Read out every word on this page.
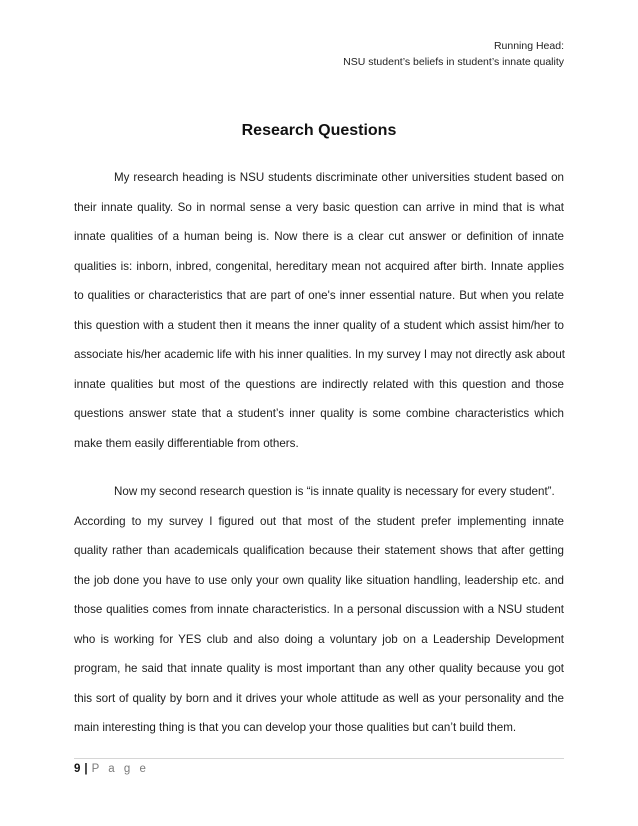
Running Head:
NSU student’s beliefs in student’s innate quality
Research Questions
My research heading is NSU students discriminate other universities student based on
their innate quality. So in normal sense a very basic question can arrive in mind that is what
innate qualities of a human being is. Now there is a clear cut answer or definition of innate
qualities is: inborn, inbred, congenital, hereditary mean not acquired after birth. Innate applies
to qualities or characteristics that are part of one's inner essential nature. But when you relate
this question with a student then it means the inner quality of a student which assist him/her to
associate his/her academic life with his inner qualities. In my survey I may not directly ask about
innate qualities but most of the questions are indirectly related with this question and those
questions answer state that a student’s inner quality is some combine characteristics which
make them easily differentiable from others.
Now my second research question is “is innate quality is necessary for every student”.
According to my survey I figured out that most of the student prefer implementing innate
quality rather than academicals qualification because their statement shows that after getting
the job done you have to use only your own quality like situation handling, leadership etc. and
those qualities comes from innate characteristics. In a personal discussion with a NSU student
who is working for YES club and also doing a voluntary job on a Leadership Development
program, he said that innate quality is most important than any other quality because you got
this sort of quality by born and it drives your whole attitude as well as your personality and the
main interesting thing is that you can develop your those qualities but can’t build them.
9 | P a g e
